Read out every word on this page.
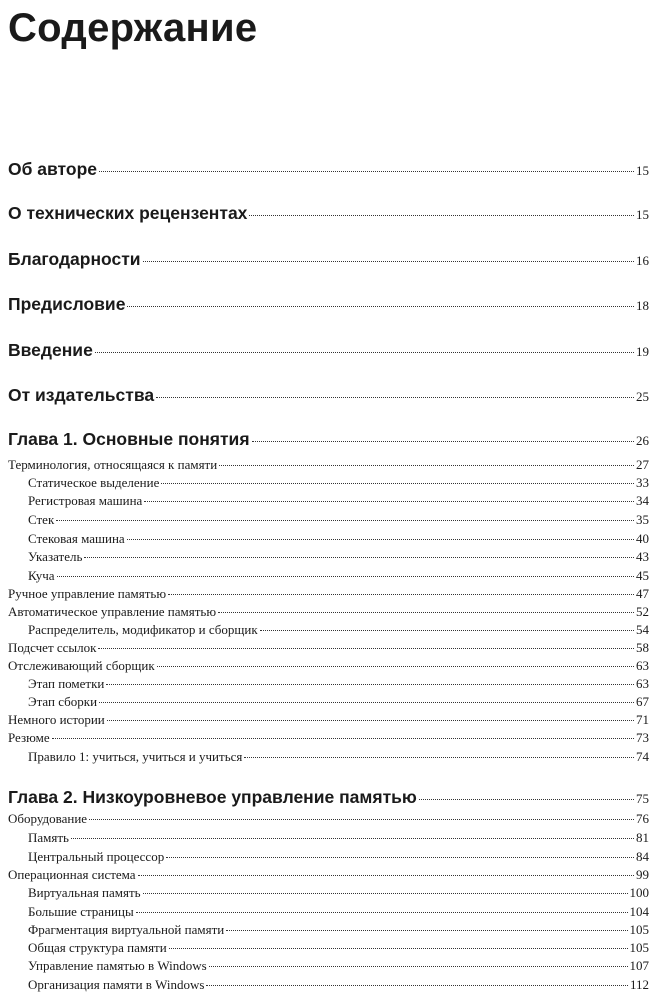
Содержание
Об авторе	15
О технических рецензентах	15
Благодарности	16
Предисловие	18
Введение	19
От издательства	25
Глава 1. Основные понятия	26
Терминология, относящаяся к памяти	27
Статическое выделение	33
Регистровая машина	34
Стек	35
Стековая машина	40
Указатель	43
Куча	45
Ручное управление памятью	47
Автоматическое управление памятью	52
Распределитель, модификатор и сборщик	54
Подсчет ссылок	58
Отслеживающий сборщик	63
Этап пометки	63
Этап сборки	67
Немного истории	71
Резюме	73
Правило 1: учиться, учиться и учиться	74
Глава 2. Низкоуровневое управление памятью	75
Оборудование	76
Память	81
Центральный процессор	84
Операционная система	99
Виртуальная память	100
Большие страницы	104
Фрагментация виртуальной памяти	105
Общая структура памяти	105
Управление памятью в Windows	107
Организация памяти в Windows	112
